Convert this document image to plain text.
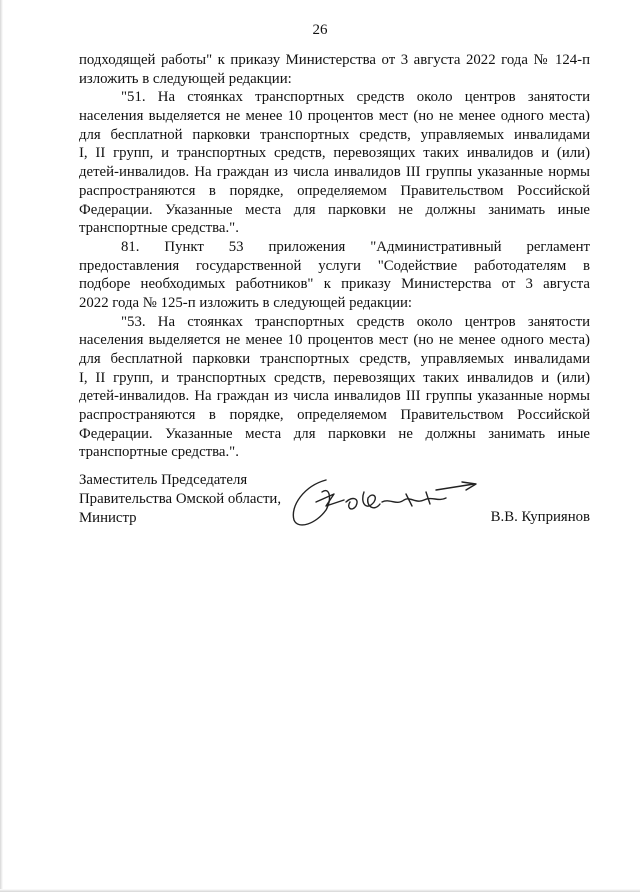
26
подходящей работы" к приказу Министерства от 3 августа 2022 года № 124-п
изложить в следующей редакции:
"51. На стоянках транспортных средств около центров занятости
населения выделяется не менее 10 процентов мест (но не менее одного места)
для бесплатной парковки транспортных средств, управляемых инвалидами
I, II групп, и транспортных средств, перевозящих таких инвалидов и (или)
детей-инвалидов. На граждан из числа инвалидов III группы указанные нормы
распространяются в порядке, определяемом Правительством Российской
Федерации. Указанные места для парковки не должны занимать иные
транспортные средства.".
81. Пункт 53 приложения "Административный регламент
предоставления государственной услуги "Содействие работодателям в
подборе необходимых работников" к приказу Министерства от 3 августа
2022 года № 125-п изложить в следующей редакции:
"53. На стоянках транспортных средств около центров занятости
населения выделяется не менее 10 процентов мест (но не менее одного места)
для бесплатной парковки транспортных средств, управляемых инвалидами
I, II групп, и транспортных средств, перевозящих таких инвалидов и (или)
детей-инвалидов. На граждан из числа инвалидов III группы указанные нормы
распространяются в порядке, определяемом Правительством Российской
Федерации. Указанные места для парковки не должны занимать иные
транспортные средства.".
Заместитель Председателя
Правительства Омской области,
Министр	В.В. Куприянов
